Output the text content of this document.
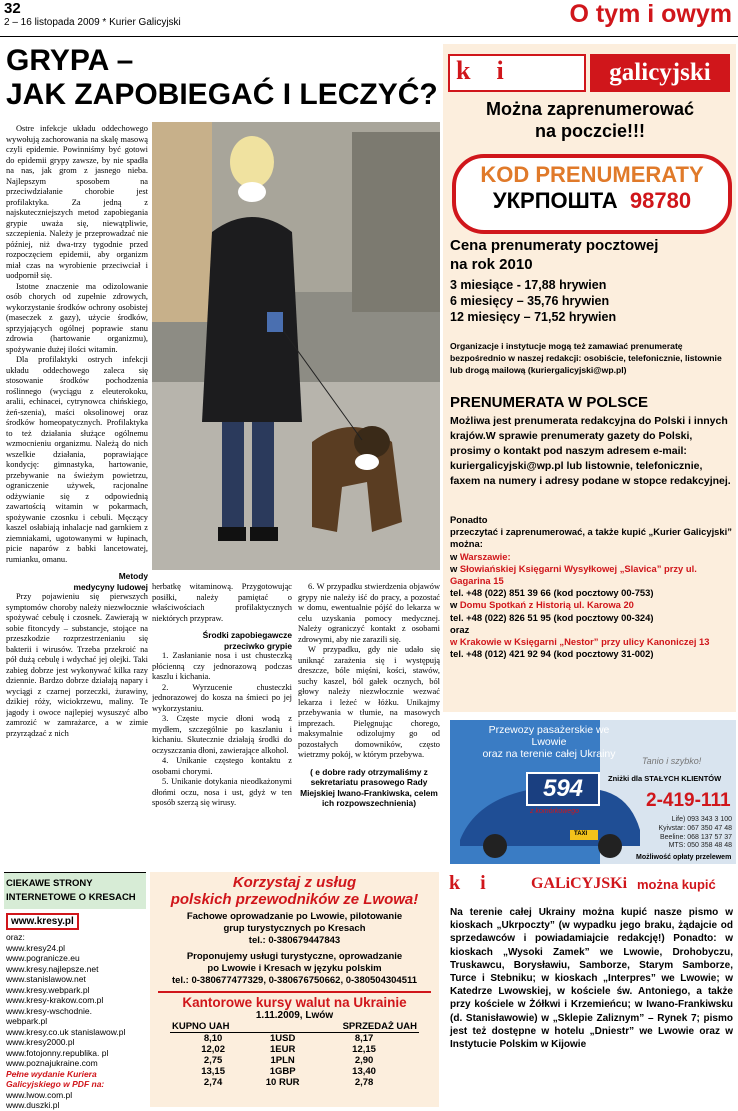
32
2 – 16 listopada 2009 * Kurier Galicyjski	O tym i owym
GRYPA –
JAK ZAPOBIEGAĆ I LECZYĆ?

Ostre infekcje układu oddechowego wywołują zachorowania na skalę masową czyli epidemie. Powinniśmy być gotowi do epidemii grypy zawsze, by nie spadła na nas, jak grom z jasnego nieba. Najlepszym sposobem na przeciwdziałanie chorobie jest profilaktyka. Za jedną z najskuteczniejszych metod zapobiegania grypie uważa się, niewątpliwie, szczepienia. Należy je przeprowadzać nie później, niż dwa-trzy tygodnie przed rozpoczęciem epidemii, aby organizm miał czas na wyrobienie przeciwciał i uodpornił się.

Istotne znaczenie ma odizolowanie osób chorych od zupełnie zdrowych, wykorzystanie środków ochrony osobistej (maseczek z gazy), użycie środków, sprzyjających ogólnej poprawie stanu zdrowia (hartowanie organizmu), spożywanie dużej ilości witamin.

Dla profilaktyki ostrych infekcji układu oddechowego zaleca się stosowanie środków pochodzenia roślinnego (wyciągu z eleuterokoku, aralii, echinacei, cytrynowca chińskiego, żeń-szenia), maści oksolinowej oraz środków homeopatycznych. Profilaktyka to też działania służące ogólnemu wzmocnieniu organizmu. Należą do nich wszelkie działania, poprawiające kondycję: gimnastyka, hartowanie, przebywanie na świeżym powietrzu, ograniczenie używek, racjonalne odżywianie się z odpowiednią zawartością witamin w pokarmach, spożywanie czosnku i cebuli. Męczący kaszel osłabiają inhalacje nad garnkiem z ziemniakami, ugotowanymi w łupinach, picie naparów z babki lancetowatej, rumianku, omanu.

Metody
medycyny ludowej

Przy pojawieniu się pierwszych symptomów choroby należy niezwłocznie spożywać cebulę i czosnek. Zawierają w sobie fitoncydy – substancje, stojące na przeszkodzie rozprzestrzenianiu się bakterii i wirusów. Trzeba przekroić na pół dużą cebulę i wdychać jej olejki. Taki zabieg dobrze jest wykonywać kilka razy dziennie. Bardzo dobrze działają napary i wyciągi z czarnej porzeczki, żurawiny, dzikiej róży, wiciokrzewu, maliny. Te jagody i owoce najlepiej wysuszyć albo zamrozić w zamrażarce, a w zimie przyrządzać z nich

herbatkę witaminową. Przygotowując posiłki, należy pamiętać o właściwościach profilaktycznych niektórych przypraw.

Środki zapobiegawcze
przeciwko grypie

1. Zasłanianie nosa i ust chusteczką płócienną czy jednorazową podczas kaszlu i kichania.

2. Wyrzucenie chusteczki jednorazowej do kosza na śmieci po jej wykorzystaniu.

3. Częste mycie dłoni wodą z mydłem, szczególnie po kaszlaniu i kichaniu. Skutecznie działają środki do oczyszczania dłoni, zawierające alkohol.

4. Unikanie częstego kontaktu z osobami chorymi.

5. Unikanie dotykania nieodkażonymi dłońmi oczu, nosa i ust, gdyż w ten sposób szerzą się wirusy.

6. W przypadku stwierdzenia objawów grypy nie należy iść do pracy, a pozostać w domu, ewentualnie pójść do lekarza w celu uzyskania pomocy medycznej. Należy ograniczyć kontakt z osobami zdrowymi, aby nie zarazili się.

W przypadku, gdy nie udało się uniknąć zarażenia się i występują dreszcze, bóle mięśni, kości, stawów, suchy kaszel, ból gałek ocznych, ból głowy należy niezwłocznie wezwać lekarza i leżeć w łóżku. Unikajmy przebywania w tłumie, na masowych imprezach. Pielęgnując chorego, maksymalnie odizolujmy go od pozostałych domowników, często wietrzmy pokój, w którym przebywa.

( e dobre rady otrzymaliśmy z sekretariatu prasowego Rady Miejskiej Iwano-Frankiwska, celem ich rozpowszechnienia)

k    i	galicyjski
Można zaprenumerować
na poczcie!!!
KOD PRENUMERATY
УКРПОШТА 98780
Cena prenumeraty pocztowej
na rok 2010
3 miesiące - 17,88 hrywien
6 miesięcy – 35,76 hrywien
12 miesięcy – 71,52 hrywien
Organizacje i instytucje mogą też zamawiać prenumeratę bezpośrednio w naszej redakcji: osobiście, telefonicznie, listownie lub drogą mailową (kuriergalicyjski@wp.pl)
PRENUMERATA W POLSCE
Możliwa jest prenumerata redakcyjna do Polski i innych krajów.W sprawie prenumeraty gazety do Polski, prosimy o kontakt pod naszym adresem e-mail: kuriergalicyjski@wp.pl lub listownie, telefonicznie, faxem na numery i adresy podane w stopce redakcyjnej.
Ponadto
przeczytać i zaprenumerować, a także kupić „Kurier Galicyjski” można:
w Warszawie:
w Słowiańskiej Księgarni Wysyłkowej „Slavica” przy ul. Gagarina 15
tel. +48 (022) 851 39 66 (kod pocztowy 00-753)
w Domu Spotkań z Historią ul. Karowa 20
tel. +48 (022) 826 51 95 (kod pocztowy 00-324)
oraz
w Krakowie w Księgarni „Nestor” przy ulicy Kanoniczej 13
tel. +48 (012) 421 92 94 (kod pocztowy 31-002)
Przewozy pasażerskie we Lwowie
oraz na terenie całej Ukrainy
Tanio i szybko!
Zniżki dla STAŁYCH KLIENTÓW
594
z komórkowego
2-419-111
Life) 093 343 3 100
Kyivstar: 067 350 47 48
Beeline: 068 137 57 37
MTS: 050 358 48 48
Możliwość opłaty przelewem
TAXI
CIEKAWE STRONY INTERNETOWE O KRESACH
www.kresy.pl
oraz:
www.kresy24.pl
www.pogranicze.eu
www.kresy.najlepsze.net
www.stanislawow.net
www.kresy.webpark.pl
www.kresy-krakow.com.pl
www.kresy-wschodnie.
webpark.pl
www.kresy.co.uk stanislawow.pl
www.kresy2000.pl
www.fotojonny.republika. pl
www.poznajukraine.com
Pełne wydanie Kuriera
Galicyjskiego w PDF na:
www.lwow.com.pl
www.duszki.pl
Korzystaj z usług
polskich przewodników ze Lwowa!
Fachowe oprowadzanie po Lwowie, pilotowanie
grup turystycznych po Kresach
tel.: 0-380679447843
Proponujemy usługi turystyczne, oprowadzanie
po Lwowie i Kresach w języku polskim
tel.: 0-380677477329, 0-380676750662, 0-380504304511
Kantorowe kursy walut na Ukrainie
1.11.2009, Lwów
KUPNO UAH		SPRZEDAŻ UAH
8,10	1USD	8,17
12,02	1EUR	12,15
2,75	1PLN	2,90
13,15	1GBP	13,40
2,74	10 RUR	2,78
k    i	GALiCYJSKi można kupić
Na terenie całej Ukrainy można kupić nasze pismo w kioskach „Ukrpoczty” (w wypadku jego braku, żądajcie od sprzedawców i powiadamiajcie redakcję!) Ponadto: w kioskach „Wysoki Zamek” we Lwowie, Drohobyczu, Truskawcu, Borysławiu, Samborze, Starym Samborze, Turce i Stebniku; w kioskach „Interpres” we Lwowie; w Katedrze Lwowskiej, w kościele św. Antoniego, a także przy kościele w Żółkwi i Krzemieńcu; w Iwano-Frankiwsku (d. Stanisławowie) w „Sklepie Zaliznym” – Rynek 7; pismo jest też dostępne w hotelu „Dniestr” we Lwowie oraz w Instytucie Polskim w Kijowie
